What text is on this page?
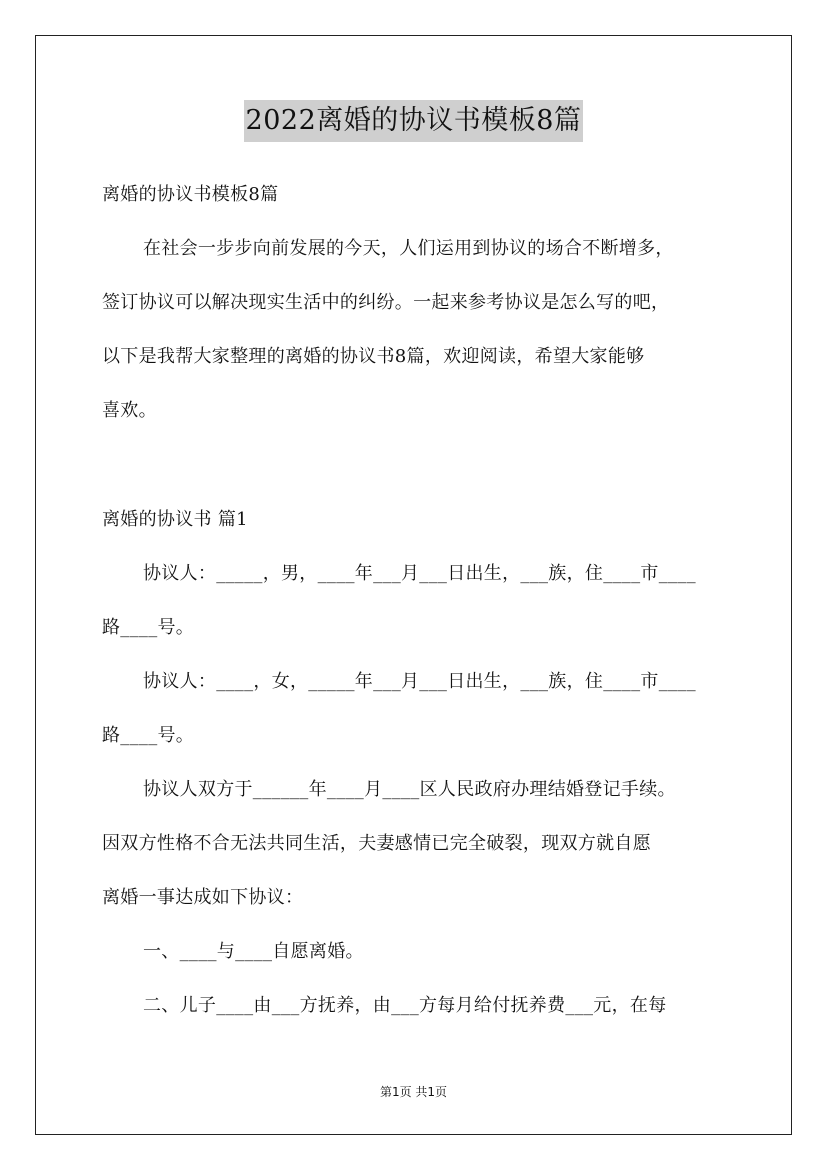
2022离婚的协议书模板8篇
离婚的协议书模板8篇
在社会一步步向前发展的今天，人们运用到协议的场合不断增多，
签订协议可以解决现实生活中的纠纷。一起来参考协议是怎么写的吧，
以下是我帮大家整理的离婚的协议书8篇，欢迎阅读，希望大家能够
喜欢。
离婚的协议书 篇1
协议人：_____，男，____年___月___日出生，___族，住____市____
路____号。
协议人：____，女，_____年___月___日出生，___族，住____市____
路____号。
协议人双方于______年____月____区人民政府办理结婚登记手续。
因双方性格不合无法共同生活，夫妻感情已完全破裂，现双方就自愿
离婚一事达成如下协议：
一、____与____自愿离婚。
二、儿子____由___方抚养，由___方每月给付抚养费___元，在每
第1页 共1页
